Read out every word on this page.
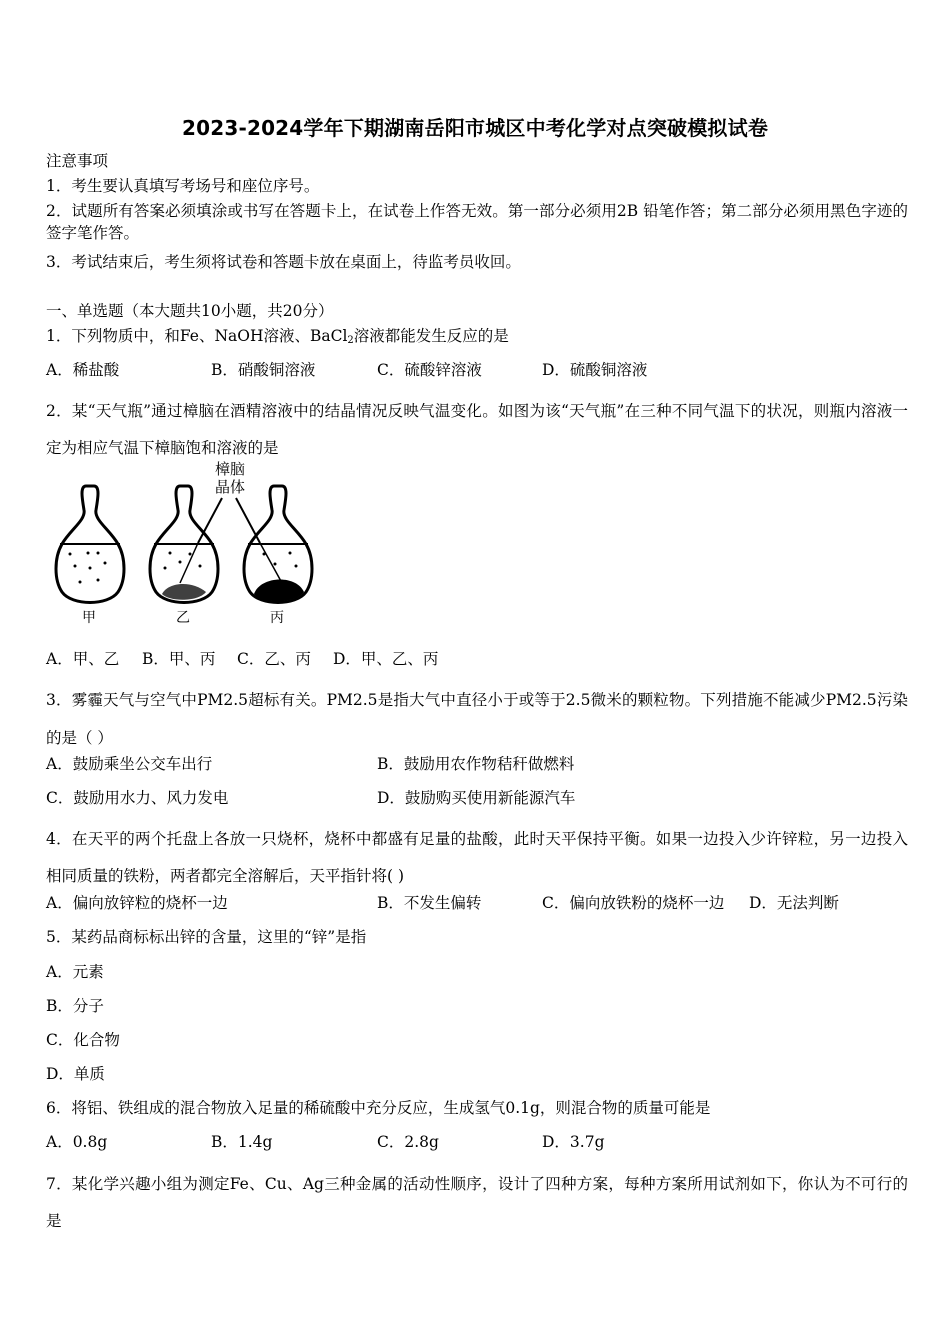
2023-2024学年下期湖南岳阳市城区中考化学对点突破模拟试卷
注意事项
1．考生要认真填写考场号和座位序号。
2．试题所有答案必须填涂或书写在答题卡上，在试卷上作答无效。第一部分必须用2B 铅笔作答；第二部分必须用黑色字迹的签字笔作答。
3．考试结束后，考生须将试卷和答题卡放在桌面上，待监考员收回。
一、单选题（本大题共10小题，共20分）
1．下列物质中，和Fe、NaOH溶液、BaCl$_2$溶液都能发生反应的是
A．稀盐酸	B．硝酸铜溶液	C．硫酸锌溶液	D．硫酸铜溶液
2．某“天气瓶”通过樟脑在酒精溶液中的结晶情况反映气温变化。如图为该“天气瓶”在三种不同气温下的状况，则瓶内溶液一定为相应气温下樟脑饱和溶液的是
樟脑
晶体
甲	乙	丙
A．甲、乙 B．甲、丙 C．乙、丙 D．甲、乙、丙
3．雾霾天气与空气中PM2.5超标有关。PM2.5是指大气中直径小于或等于2.5微米的颗粒物。下列措施不能减少PM2.5污染的是（ ）
A．鼓励乘坐公交车出行	B．鼓励用农作物秸秆做燃料
C．鼓励用水力、风力发电	D．鼓励购买使用新能源汽车
4．在天平的两个托盘上各放一只烧杯，烧杯中都盛有足量的盐酸，此时天平保持平衡。如果一边投入少许锌粒，另一边投入相同质量的铁粉，两者都完全溶解后，天平指针将( )
A．偏向放锌粒的烧杯一边	B．不发生偏转	C．偏向放铁粉的烧杯一边 D．无法判断
5．某药品商标标出锌的含量，这里的“锌”是指
A．元素
B．分子
C．化合物
D．单质
6．将铝、铁组成的混合物放入足量的稀硫酸中充分反应，生成氢气0.1g，则混合物的质量可能是
A．0.8g	B．1.4g	C．2.8g	D．3.7g
7．某化学兴趣小组为测定Fe、Cu、Ag三种金属的活动性顺序，设计了四种方案，每种方案所用试剂如下，你认为不可行的是
